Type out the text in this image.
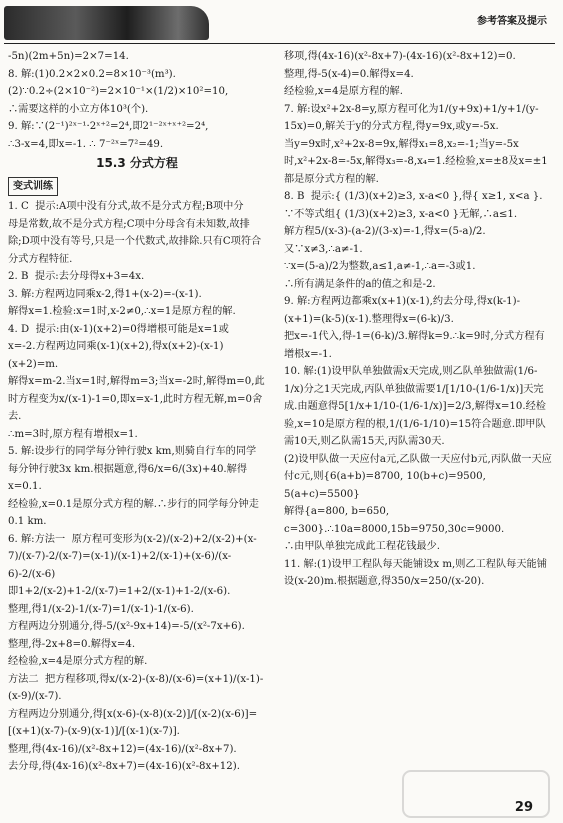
参考答案及提示

-5n)(2m+5n)=2×7=14.

8. 解:(1)0.2×2×0.2=8×10⁻³(m³).

(2)∵0.2÷(2×10⁻²)=2×10⁻¹×(1/2)×10²=10,

∴需要这样的小立方体10³(个).

9. 解:∵(2⁻¹)²ˣ⁻¹·2ˣ⁺²=2⁴,即2¹⁻²ˣ⁺ˣ⁺²=2⁴,

∴3-x=4,即x=-1. ∴ 7⁻²ˣ=7²=49.

15.3 分式方程
变式训练

1. C  提示:A项中没有分式,故不是分式方程;B项中分

母是常数,故不是分式方程;C项中分母含有未知数,故排除;D项中没有等号,只是一个代数式,故排除.只有C项符合分式方程特征.

2. B  提示:去分母得x+3=4x.

3. 解:方程两边同乘x-2,得1+(x-2)=-(x-1).

解得x=1.检验:x=1时,x-2≠0,∴x=1是原方程的解.

4. D  提示:由(x-1)(x+2)=0得增根可能是x=1或

x=-2.方程两边同乘(x-1)(x+2),得x(x+2)-(x-1)(x+2)=m.

解得x=m-2.当x=1时,解得m=3;当x=-2时,解得m=0,此时方程变为x/(x-1)-1=0,即x=x-1,此时方程无解,m=0舍去.

∴m=3时,原方程有增根x=1.

5. 解:设步行的同学每分钟行驶x km,则骑自行车的同学每分钟行驶3x km.根据题意,得6/x=6/(3x)+40.解得x=0.1.

经检验,x=0.1是原分式方程的解.∴步行的同学每分钟走0.1 km.

6. 解:方法一  原方程可变形为(x-2)/(x-2)+2/(x-2)+(x-7)/(x-7)-2/(x-7)=(x-1)/(x-1)+2/(x-1)+(x-6)/(x-6)-2/(x-6)

即1+2/(x-2)+1-2/(x-7)=1+2/(x-1)+1-2/(x-6).

整理,得1/(x-2)-1/(x-7)=1/(x-1)-1/(x-6).

方程两边分别通分,得-5/(x²-9x+14)=-5/(x²-7x+6).

整理,得-2x+8=0.解得x=4.

经检验,x=4是原分式方程的解.

方法二  把方程移项,得x/(x-2)-(x-8)/(x-6)=(x+1)/(x-1)-(x-9)/(x-7).

方程两边分别通分,得[x(x-6)-(x-8)(x-2)]/[(x-2)(x-6)]=[(x+1)(x-7)-(x-9)(x-1)]/[(x-1)(x-7)].

整理,得(4x-16)/(x²-8x+12)=(4x-16)/(x²-8x+7).

去分母,得(4x-16)(x²-8x+7)=(4x-16)(x²-8x+12).

移项,得(4x-16)(x²-8x+7)-(4x-16)(x²-8x+12)=0.

整理,得-5(x-4)=0.解得x=4.

经检验,x=4是原方程的解.

7. 解:设x²+2x-8=y,原方程可化为1/(y+9x)+1/y+1/(y-15x)=0,解关于y的分式方程,得y=9x,或y=-5x.

当y=9x时,x²+2x-8=9x,解得x₁=8,x₂=-1;当y=-5x时,x²+2x-8=-5x,解得x₃=-8,x₄=1.经检验,x=±8及x=±1都是原分式方程的解.

8. B  提示:{ (1/3)(x+2)≥3, x-a<0 },得{ x≥1, x<a }.

∵不等式组{ (1/3)(x+2)≥3, x-a<0 }无解,∴a≤1.

解方程5/(x-3)-(a-2)/(3-x)=-1,得x=(5-a)/2.

又∵x≠3,∴a≠-1.

∵x=(5-a)/2为整数,a≤1,a≠-1,∴a=-3或1.

∴所有满足条件的a的值之和是-2.

9. 解:方程两边都乘x(x+1)(x-1),约去分母,得x(k-1)-(x+1)=(k-5)(x-1).整理得x=(6-k)/3.

把x=-1代入,得-1=(6-k)/3.解得k=9.∴k=9时,分式方程有增根x=-1.

10. 解:(1)设甲队单独做需x天完成,则乙队单独做需(1/6-1/x)分之1天完成,丙队单独做需要1/[1/10-(1/6-1/x)]天完成.由题意得5[1/x+1/10-(1/6-1/x)]=2/3,解得x=10.经检验,x=10是原方程的根,1/(1/6-1/10)=15符合题意.即甲队需10天,则乙队需15天,丙队需30天.

(2)设甲队做一天应付a元,乙队做一天应付b元,丙队做一天应付c元,则{6(a+b)=8700, 10(b+c)=9500, 5(a+c)=5500}

解得{a=800, b=650, c=300}.∴10a=8000,15b=9750,30c=9000.

∴由甲队单独完成此工程花钱最少.

11. 解:(1)设甲工程队每天能铺设x m,则乙工程队每天能铺设(x-20)m.根据题意,得350/x=250/(x-20).

29
